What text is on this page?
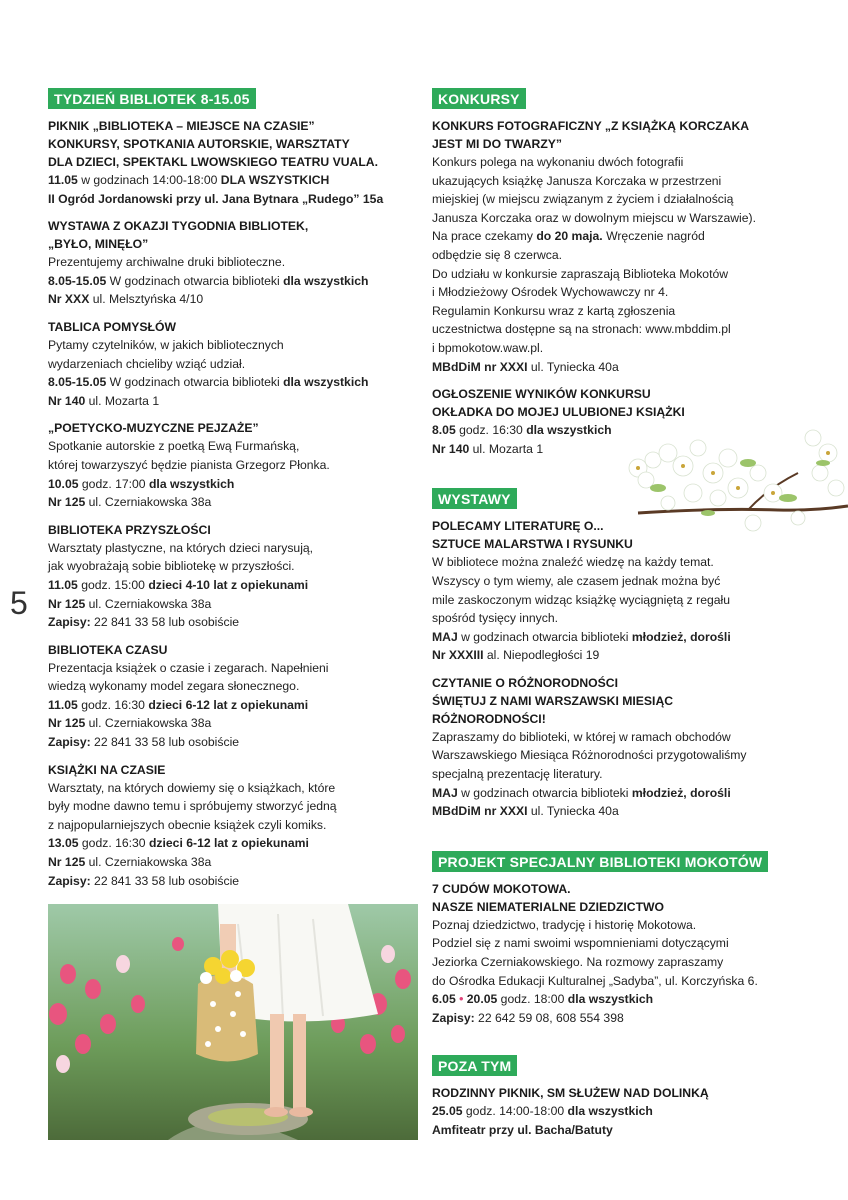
5
TYDZIEŃ BIBLIOTEK 8-15.05
PIKNIK „BIBLIOTEKA – MIEJSCE NA CZASIE”
KONKURSY, SPOTKANIA AUTORSKIE, WARSZTATY
DLA DZIECI, SPEKTAKL LWOWSKIEGO TEATRU VUALA.
11.05 w godzinach 14:00-18:00 DLA WSZYSTKICH
II Ogród Jordanowski przy ul. Jana Bytnara „Rudego” 15a
WYSTAWA Z OKAZJI TYGODNIA BIBLIOTEK,
„BYŁO, MINĘŁO”
Prezentujemy archiwalne druki biblioteczne.
8.05-15.05 W godzinach otwarcia biblioteki dla wszystkich
Nr XXX ul. Melsztyńska 4/10
TABLICA POMYSŁÓW
Pytamy czytelników, w jakich bibliotecznych
wydarzeniach chcieliby wziąć udział.
8.05-15.05 W godzinach otwarcia biblioteki dla wszystkich
Nr 140 ul. Mozarta 1
„POETYCKO-MUZYCZNE PEJZAŻE”
Spotkanie autorskie z poetką Ewą Furmańską,
której towarzyszyć będzie pianista Grzegorz Płonka.
10.05 godz. 17:00 dla wszystkich
Nr 125 ul. Czerniakowska 38a
BIBLIOTEKA PRZYSZŁOŚCI
Warsztaty plastyczne, na których dzieci narysują,
jak wyobrażają sobie bibliotekę w przyszłości.
11.05 godz. 15:00 dzieci 4-10 lat z opiekunami
Nr 125 ul. Czerniakowska 38a
Zapisy: 22 841 33 58 lub osobiście
BIBLIOTEKA CZASU
Prezentacja książek o czasie i zegarach. Napełnieni
wiedzą wykonamy model zegara słonecznego.
11.05 godz. 16:30 dzieci 6-12 lat z opiekunami
Nr 125 ul. Czerniakowska 38a
Zapisy: 22 841 33 58 lub osobiście
KSIĄŻKI NA CZASIE
Warsztaty, na których dowiemy się o książkach, które
były modne dawno temu i spróbujemy stworzyć jedną
z najpopularniejszych obecnie książek czyli komiks.
13.05 godz. 16:30 dzieci 6-12 lat z opiekunami
Nr 125 ul. Czerniakowska 38a
Zapisy: 22 841 33 58 lub osobiście
KONKURSY
KONKURS FOTOGRAFICZNY „Z KSIĄŻKĄ KORCZAKA
JEST MI DO TWARZY”
Konkurs polega na wykonaniu dwóch fotografii
ukazujących książkę Janusza Korczaka w przestrzeni
miejskiej (w miejscu związanym z życiem i działalnością
Janusza Korczaka oraz w dowolnym miejscu w Warszawie).
Na prace czekamy do 20 maja. Wręczenie nagród
odbędzie się 8 czerwca.
Do udziału w konkursie zapraszają Biblioteka Mokotów
i Młodzieżowy Ośrodek Wychowawczy nr 4.
Regulamin Konkursu wraz z kartą zgłoszenia
uczestnictwa dostępne są na stronach: www.mbddim.pl
i bpmokotow.waw.pl.
MBdDiM nr XXXI ul. Tyniecka 40a
OGŁOSZENIE WYNIKÓW KONKURSU
OKŁADKA DO MOJEJ ULUBIONEJ KSIĄŻKI
8.05 godz. 16:30 dla wszystkich
Nr 140 ul. Mozarta 1
WYSTAWY
POLECAMY LITERATURĘ O...
SZTUCE MALARSTWA I RYSUNKU
W bibliotece można znaleźć wiedzę na każdy temat.
Wszyscy o tym wiemy, ale czasem jednak można być
mile zaskoczonym widząc książkę wyciągniętą z regału
spośród tysięcy innych.
MAJ w godzinach otwarcia biblioteki młodzież, dorośli
Nr XXXIII al. Niepodległości 19
CZYTANIE O RÓŻNORODNOŚCI
ŚWIĘTUJ Z NAMI WARSZAWSKI MIESIĄC
RÓŻNORODNOŚCI!
Zapraszamy do biblioteki, w której w ramach obchodów
Warszawskiego Miesiąca Różnorodności przygotowaliśmy
specjalną prezentację literatury.
MAJ w godzinach otwarcia biblioteki młodzież, dorośli
MBdDiM nr XXXI ul. Tyniecka 40a
PROJEKT SPECJALNY BIBLIOTEKI MOKOTÓW
7 CUDÓW MOKOTOWA.
NASZE NIEMATERIALNE DZIEDZICTWO
Poznaj dziedzictwo, tradycję i historię Mokotowa.
Podziel się z nami swoimi wspomnieniami dotyczącymi
Jeziorka Czerniakowskiego. Na rozmowy zapraszamy
do Ośrodka Edukacji Kulturalnej „Sadyba”, ul. Korczyńska 6.
6.05 • 20.05 godz. 18:00 dla wszystkich
Zapisy: 22 642 59 08, 608 554 398
POZA TYM
RODZINNY PIKNIK, SM SŁUŻEW NAD DOLINKĄ
25.05 godz. 14:00-18:00 dla wszystkich
Amfiteatr przy ul. Bacha/Batuty
